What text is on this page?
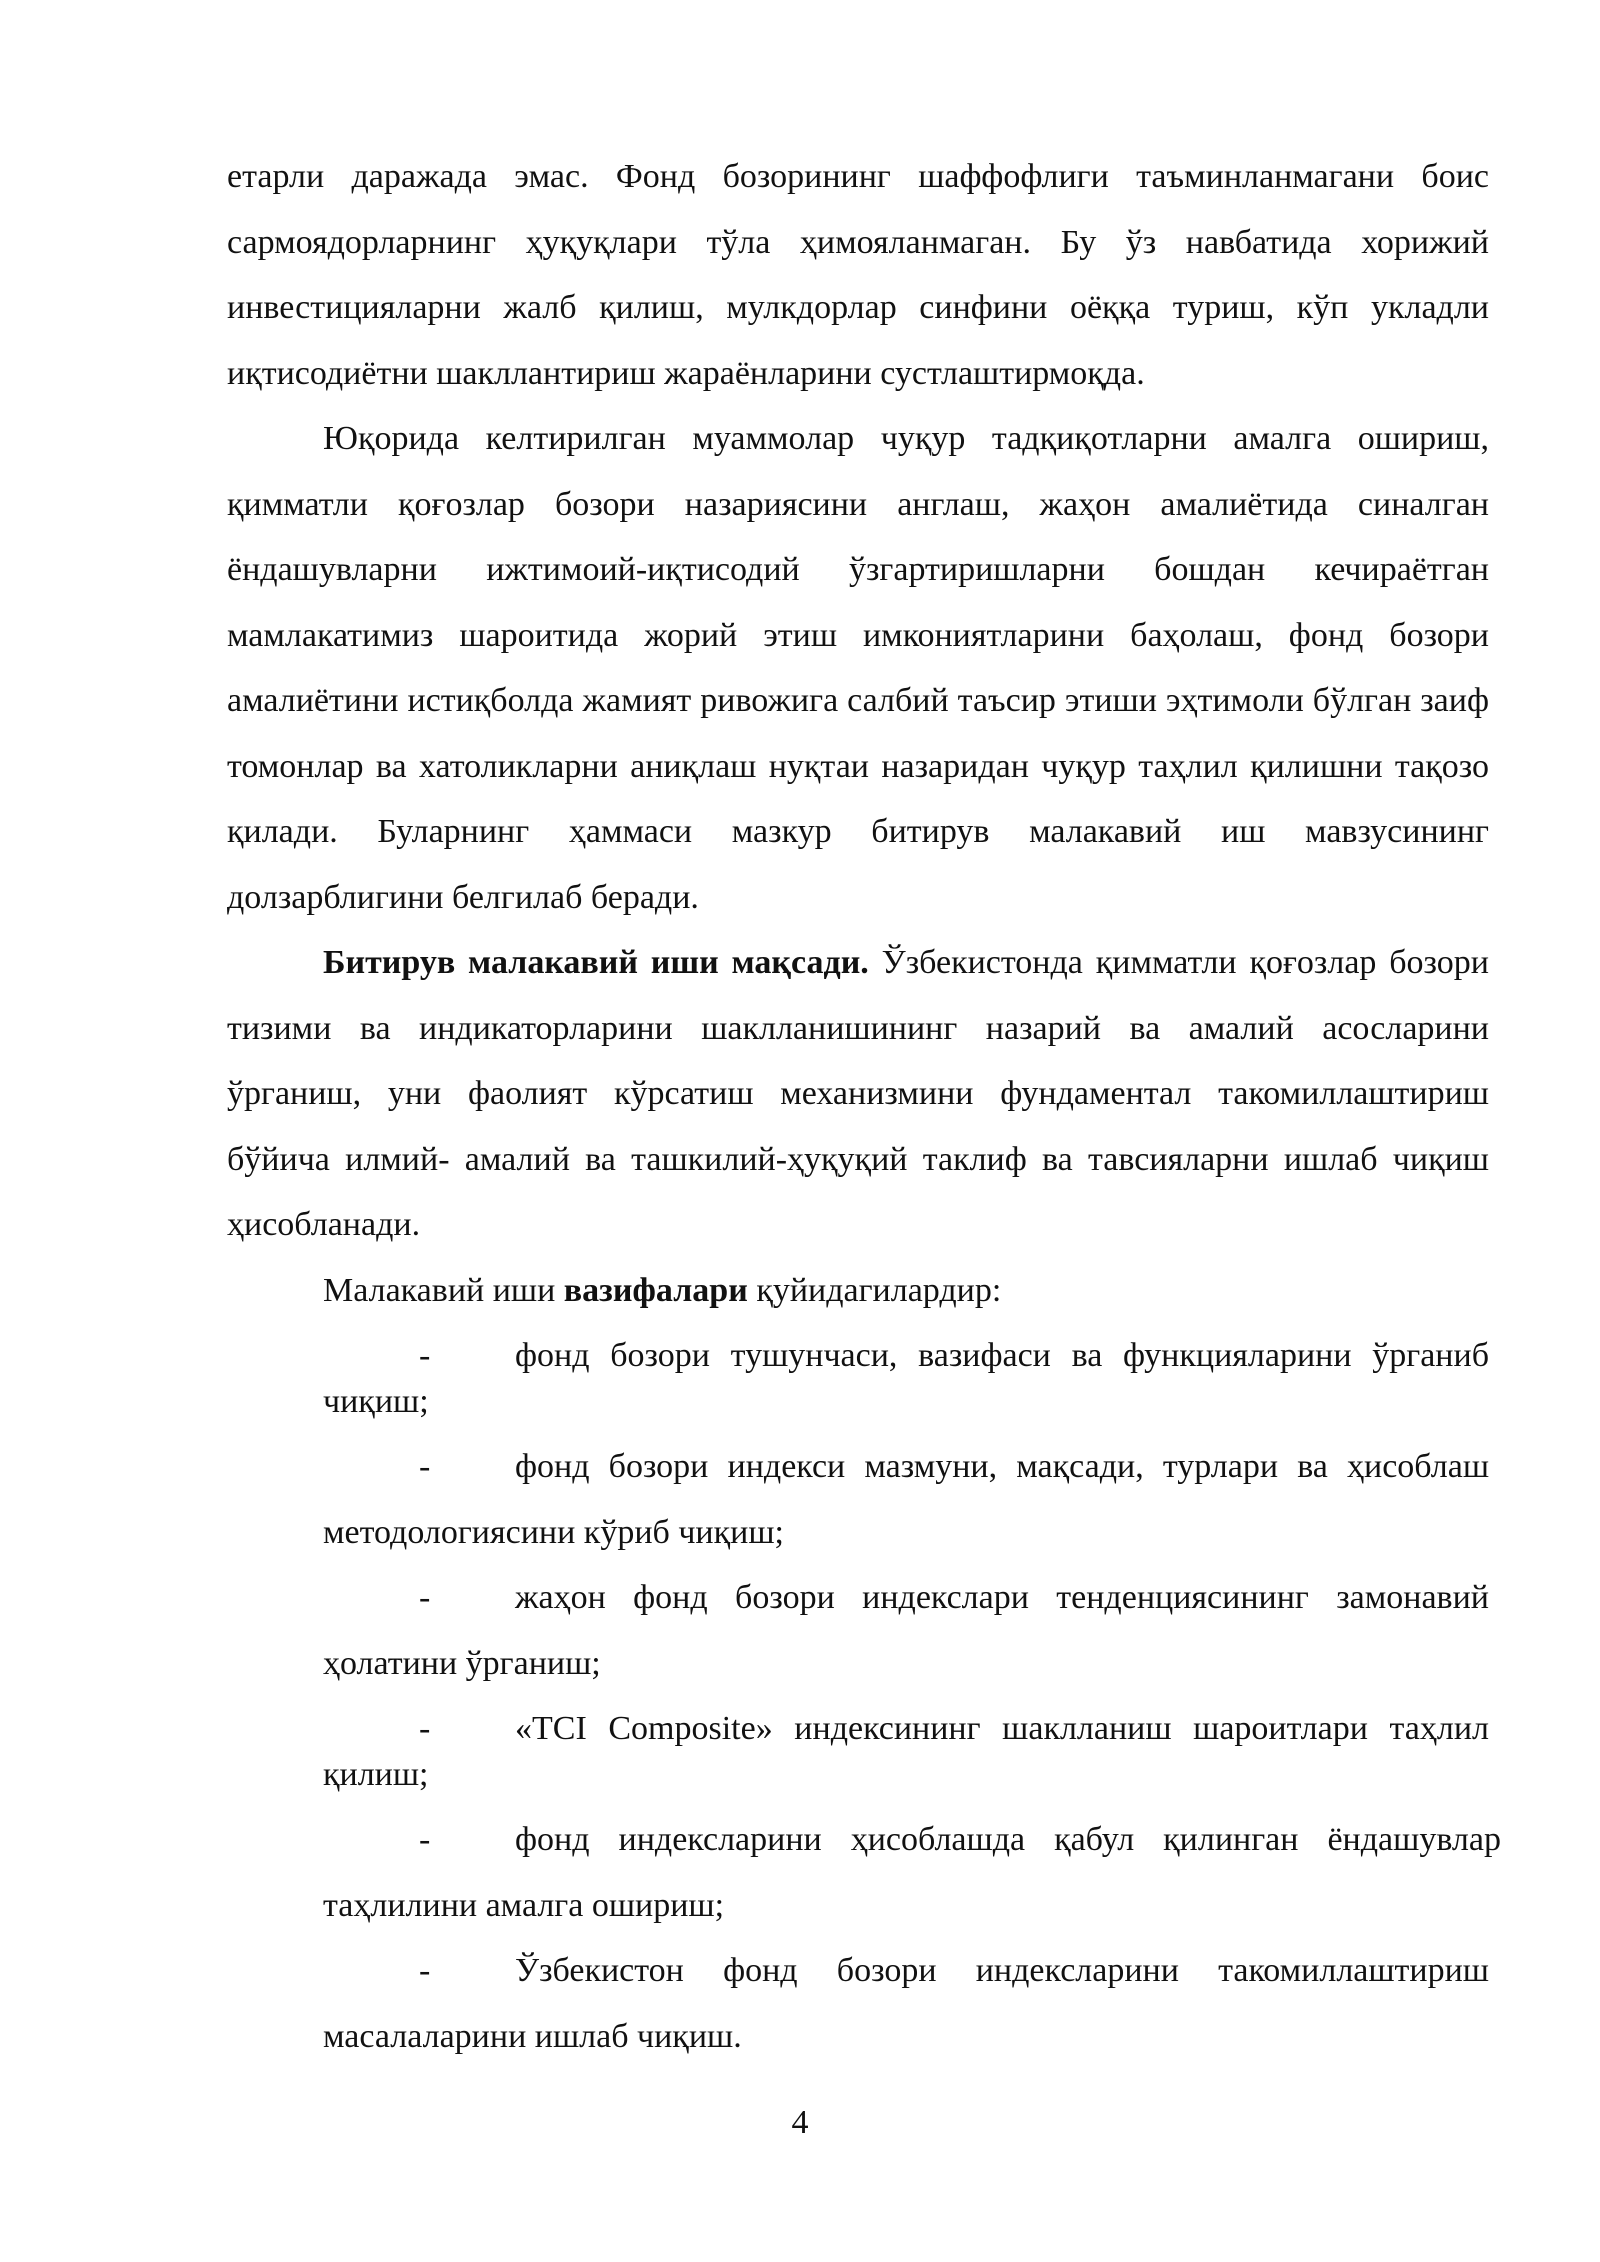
етарли даражада эмас. Фонд бозорининг шаффофлиги таъминланмагани боис сармоядорларнинг ҳуқуқлари тўла ҳимояланмаган. Бу ўз навбатида хорижий инвестицияларни жалб қилиш, мулкдорлар синфини оёққа туриш, кўп укладли иқтисодиётни шакллантириш жараёнларини сустлаштирмоқда.

Юқорида келтирилган муаммолар чуқур тадқиқотларни амалга ошириш, қимматли қоғозлар бозори назариясини англаш, жаҳон амалиётида синалган ёндашувларни ижтимоий-иқтисодий ўзгартиришларни бошдан кечираётган мамлакатимиз шароитида жорий этиш имкониятларини баҳолаш, фонд бозори амалиётини истиқболда жамият ривожига салбий таъсир этиши эҳтимоли бўлган заиф томонлар ва хатоликларни аниқлаш нуқтаи назаридан чуқур таҳлил қилишни тақозо қилади. Буларнинг ҳаммаси мазкур битирув малакавий иш мавзусининг долзарблигини белгилаб беради.

Битирув малакавий иши мақсади. Ўзбекистонда қимматли қоғозлар бозори тизими ва индикаторларини шаклланишининг назарий ва амалий асосларини ўрганиш, уни фаолият кўрсатиш механизмини фундаментал такомиллаштириш бўйича илмий- амалий ва ташкилий-ҳуқуқий таклиф ва тавсияларни ишлаб чиқиш ҳисобланади.

Малакавий иши вазифалари қуйидагилардир:

- фонд бозори тушунчаси, вазифаси ва функцияларини ўрганиб чиқиш;
- фонд бозори индекси мазмуни, мақсади, турлари ва ҳисоблаш методологиясини кўриб чиқиш;
- жаҳон фонд бозори индекслари тенденциясининг замонавий ҳолатини ўрганиш;
- «TCI Composite» индексининг шаклланиш шароитлари таҳлил қилиш;
- фонд индексларини ҳисоблашда қабул қилинган ёндашувлар таҳлилини амалга ошириш;
- Ўзбекистон фонд бозори индексларини такомиллаштириш масалаларини ишлаб чиқиш.
4
